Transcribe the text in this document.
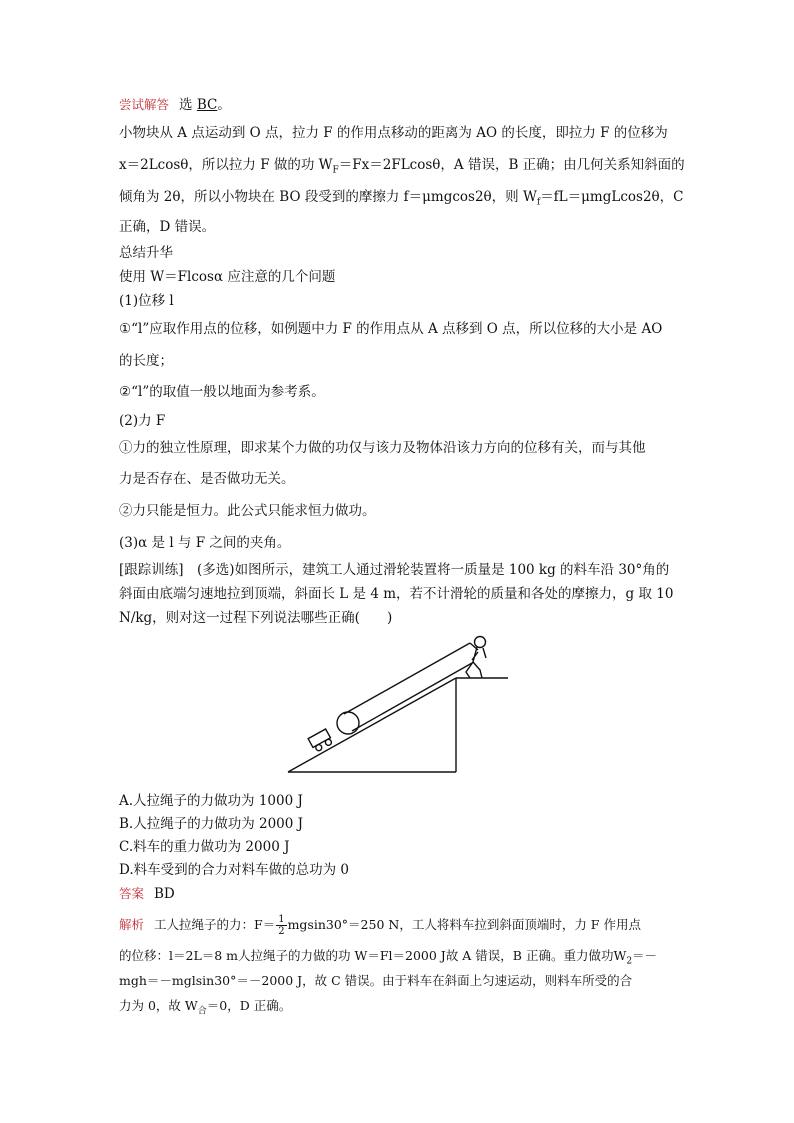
尝试解答 选 BC。
小物块从 A 点运动到 O 点，拉力 F 的作用点移动的距离为 AO 的长度，即拉力 F 的位移为
x＝2Lcosθ，所以拉力 F 做的功 $W_F=Fx=2FLcos\theta$，A 错误，B 正确；由几何关系知斜面的
倾角为 2θ，所以小物块在 BO 段受到的摩擦力 f＝μmgcos2θ，则 $W_f=fL=\mu mgLcos2\theta$，C
正确，D 错误。
总结升华
使用 W＝Flcosα 应注意的几个问题
(1)位移 l
①“l”应取作用点的位移，如例题中力 F 的作用点从 A 点移到 O 点，所以位移的大小是 AO
的长度；
②“l”的取值一般以地面为参考系。
(2)力 F
①力的独立性原理，即求某个力做的功仅与该力及物体沿该力方向的位移有关，而与其他
力是否存在、是否做功无关。
②力只能是恒力。此公式只能求恒力做功。
(3)α 是 l 与 F 之间的夹角。
[跟踪训练]　(多选)如图所示，建筑工人通过滑轮装置将一质量是 100 kg 的料车沿 30°角的
斜面由底端匀速地拉到顶端，斜面长 L 是 4 m，若不计滑轮的质量和各处的摩擦力，g 取 10
N/kg，则对这一过程下列说法哪些正确(　　)
A.人拉绳子的力做功为 1000 J
B.人拉绳子的力做功为 2000 J
C.料车的重力做功为 2000 J
D.料车受到的合力对料车做的总功为 0
答案 BD
解析 工人拉绳子的力：$F= \frac{1}{2} mgsin30^\circ=250$ N，工人将料车拉到斜面顶端时，力 F 作用点
的位移：l＝2L＝8 m人拉绳子的力做的功 W＝Fl＝2000 J故 A 错误，B 正确。重力做功$W_2=-$
mgh＝－mglsin30°＝－2000 J，故 C 错误。由于料车在斜面上匀速运动，则料车所受的合
力为 0，故 $W_合=0$，D 正确。
